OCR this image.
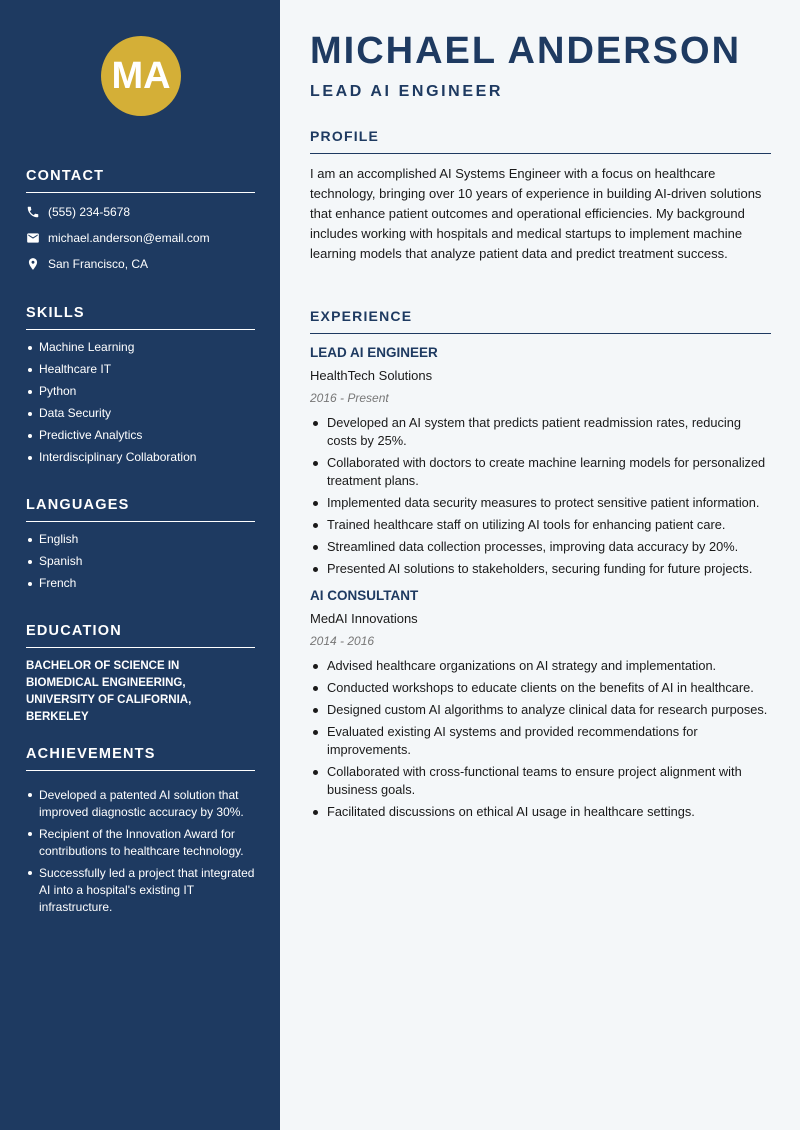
MA
CONTACT
(555) 234-5678
michael.anderson@email.com
San Francisco, CA
SKILLS
Machine Learning
Healthcare IT
Python
Data Security
Predictive Analytics
Interdisciplinary Collaboration
LANGUAGES
English
Spanish
French
EDUCATION
BACHELOR OF SCIENCE IN BIOMEDICAL ENGINEERING, UNIVERSITY OF CALIFORNIA, BERKELEY
ACHIEVEMENTS
Developed a patented AI solution that improved diagnostic accuracy by 30%.
Recipient of the Innovation Award for contributions to healthcare technology.
Successfully led a project that integrated AI into a hospital's existing IT infrastructure.
MICHAEL ANDERSON
LEAD AI ENGINEER
PROFILE

I am an accomplished AI Systems Engineer with a focus on healthcare technology, bringing over 10 years of experience in building AI-driven solutions that enhance patient outcomes and operational efficiencies. My background includes working with hospitals and medical startups to implement machine learning models that analyze patient data and predict treatment success.

EXPERIENCE

LEAD AI ENGINEER

HealthTech Solutions

2016 - Present

Developed an AI system that predicts patient readmission rates, reducing costs by 25%.
Collaborated with doctors to create machine learning models for personalized treatment plans.
Implemented data security measures to protect sensitive patient information.
Trained healthcare staff on utilizing AI tools for enhancing patient care.
Streamlined data collection processes, improving data accuracy by 20%.
Presented AI solutions to stakeholders, securing funding for future projects.

AI CONSULTANT

MedAI Innovations

2014 - 2016

Advised healthcare organizations on AI strategy and implementation.
Conducted workshops to educate clients on the benefits of AI in healthcare.
Designed custom AI algorithms to analyze clinical data for research purposes.
Evaluated existing AI systems and provided recommendations for improvements.
Collaborated with cross-functional teams to ensure project alignment with business goals.
Facilitated discussions on ethical AI usage in healthcare settings.
